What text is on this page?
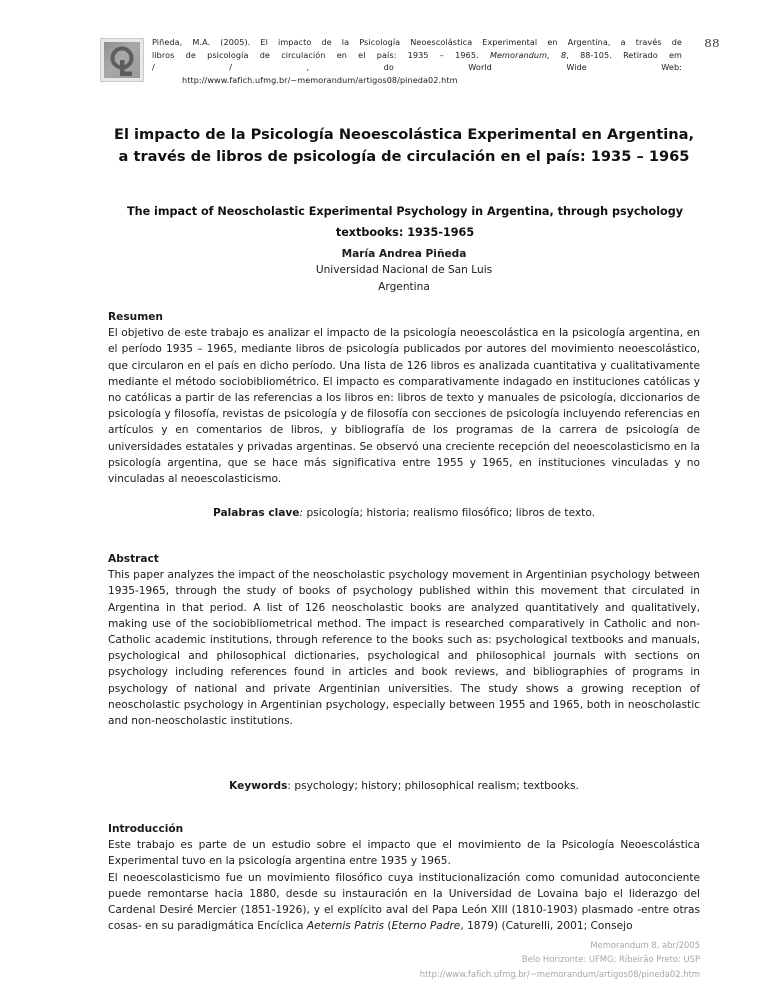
88
Piñeda, M.A. (2005). El impacto de la Psicología Neoescolástica Experimental en Argentina, a través de
libros de psicología de circulación en el país: 1935 – 1965. Memorandum, 8, 88-105. Retirado em
/ / , do World Wide Web:
http://www.fafich.ufmg.br/~memorandum/artigos08/pineda02.htm
El impacto de la Psicología Neoescolástica Experimental en Argentina, a través de libros de psicología de circulación en el país: 1935 – 1965
The impact of Neoscholastic Experimental Psychology in Argentina, through psychology textbooks: 1935-1965
María Andrea Piñeda
Universidad Nacional de San Luis
Argentina

Resumen

El objetivo de este trabajo es analizar el impacto de la psicología neoescolástica en la psicología argentina, en el período 1935 – 1965, mediante libros de psicología publicados por autores del movimiento neoescolástico, que circularon en el país en dicho período. Una lista de 126 libros es analizada cuantitativa y cualitativamente mediante el método sociobibliométrico. El impacto es comparativamente indagado en instituciones católicas y no católicas a partir de las referencias a los libros en: libros de texto y manuales de psicología, diccionarios de psicología y filosofía, revistas de psicología y de filosofía con secciones de psicología incluyendo referencias en artículos y en comentarios de libros, y bibliografía de los programas de la carrera de psicología de universidades estatales y privadas argentinas. Se observó una creciente recepción del neoescolasticismo en la psicología argentina, que se hace más significativa entre 1955 y 1965, en instituciones vinculadas y no vinculadas al neoescolasticismo.

Palabras clave: psicología; historia; realismo filosófico; libros de texto.

Abstract

This paper analyzes the impact of the neoscholastic psychology movement in Argentinian psychology between 1935-1965, through the study of books of psychology published within this movement that circulated in Argentina in that period. A list of 126 neoscholastic books are analyzed quantitatively and qualitatively, making use of the sociobibliometrical method. The impact is researched comparatively in Catholic and non-Catholic academic institutions, through reference to the books such as: psychological textbooks and manuals, psychological and philosophical dictionaries, psychological and philosophical journals with sections on psychology including references found in articles and book reviews, and bibliographies of programs in psychology of national and private Argentinian universities. The study shows a growing reception of neoscholastic psychology in Argentinian psychology, especially between 1955 and 1965, both in neoscholastic and non-neoscholastic institutions.

Keywords: psychology; history; philosophical realism; textbooks.

Introducción

Este trabajo es parte de un estudio sobre el impacto que el movimiento de la Psicología Neoescolástica Experimental tuvo en la psicología argentina entre 1935 y 1965.

El neoescolasticismo fue un movimiento filosófico cuya institucionalización como comunidad autoconciente puede remontarse hacia 1880, desde su instauración en la Universidad de Lovaina bajo el liderazgo del Cardenal Desiré Mercier (1851-1926), y el explícito aval del Papa León XIII (1810-1903) plasmado -entre otras cosas- en su paradigmática Encíclica Aeternis Patris (Eterno Padre, 1879) (Caturelli, 2001; Consejo

Memorandum 8, abr/2005
Belo Horizonte: UFMG; Ribeirão Preto: USP
http://www.fafich.ufmg.br/~memorandum/artigos08/pineda02.htm
